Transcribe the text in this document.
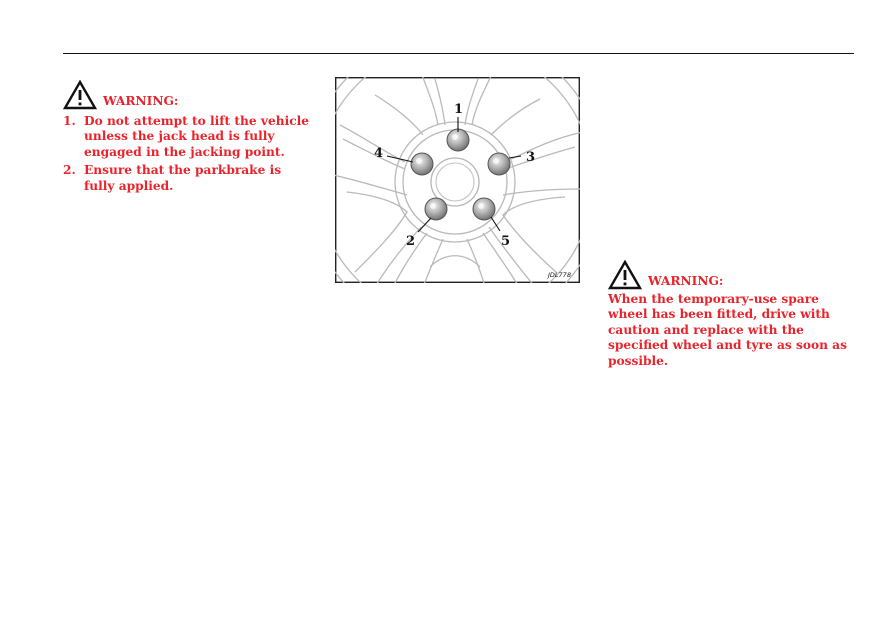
WARNING:
1. Do not attempt to lift the vehicle unless the jack head is fully engaged in the jacking point.
2. Ensure that the parkbrake is fully applied.
1
3
4
2	5
JDL778	WARNING:
When the temporary-use spare wheel has been fitted, drive with caution and replace with the specified wheel and tyre as soon as possible.
